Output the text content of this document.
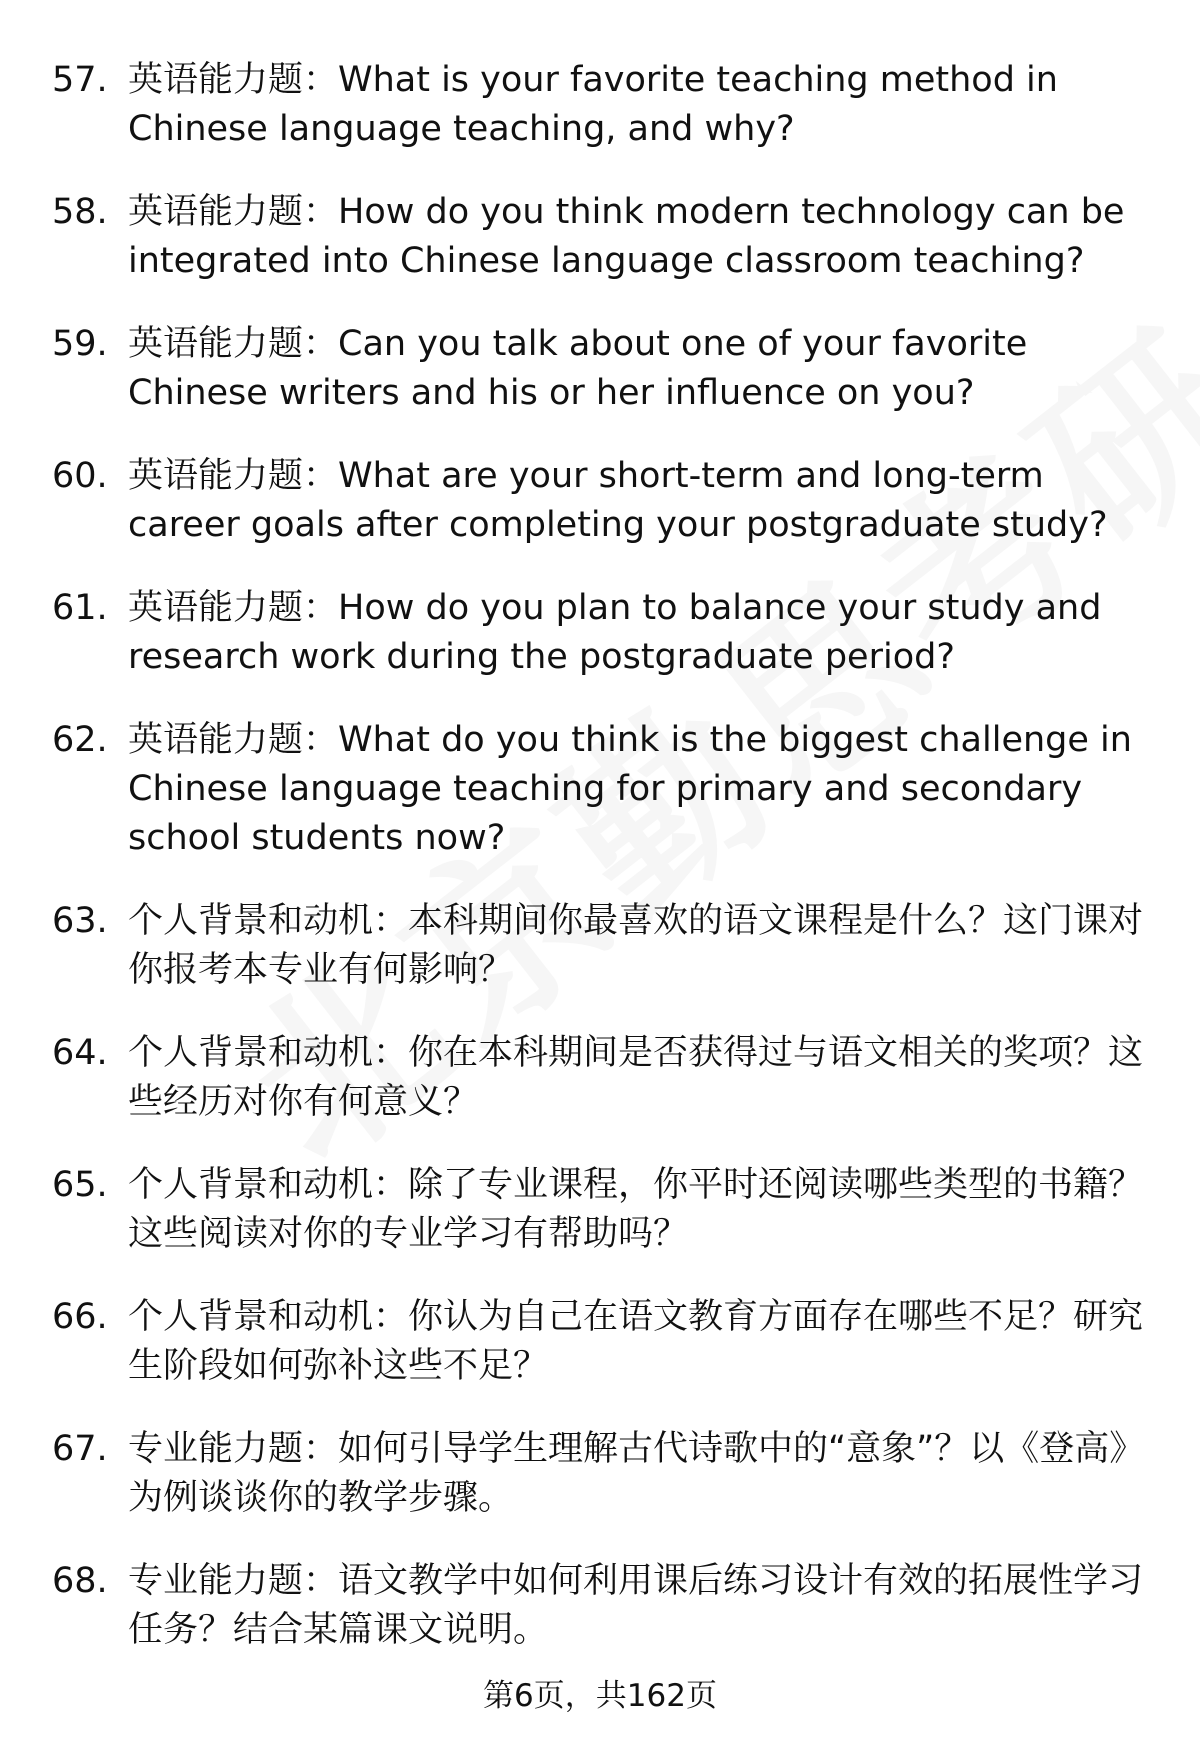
57. 英语能力题：What is your favorite teaching method in Chinese language teaching, and why?
58. 英语能力题：How do you think modern technology can be integrated into Chinese language classroom teaching?
59. 英语能力题：Can you talk about one of your favorite Chinese writers and his or her influence on you?
60. 英语能力题：What are your short-term and long-term career goals after completing your postgraduate study?
61. 英语能力题：How do you plan to balance your study and research work during the postgraduate period?
62. 英语能力题：What do you think is the biggest challenge in Chinese language teaching for primary and secondary school students now?
63. 个人背景和动机：本科期间你最喜欢的语文课程是什么？这门课对你报考本专业有何影响？
64. 个人背景和动机：你在本科期间是否获得过与语文相关的奖项？这些经历对你有何意义？
65. 个人背景和动机：除了专业课程，你平时还阅读哪些类型的书籍？这些阅读对你的专业学习有帮助吗？
66. 个人背景和动机：你认为自己在语文教育方面存在哪些不足？研究生阶段如何弥补这些不足？
67. 专业能力题：如何引导学生理解古代诗歌中的“意象”？以《登高》为例谈谈你的教学步骤。
68. 专业能力题：语文教学中如何利用课后练习设计有效的拓展性学习任务？结合某篇课文说明。
第6页，共162页
